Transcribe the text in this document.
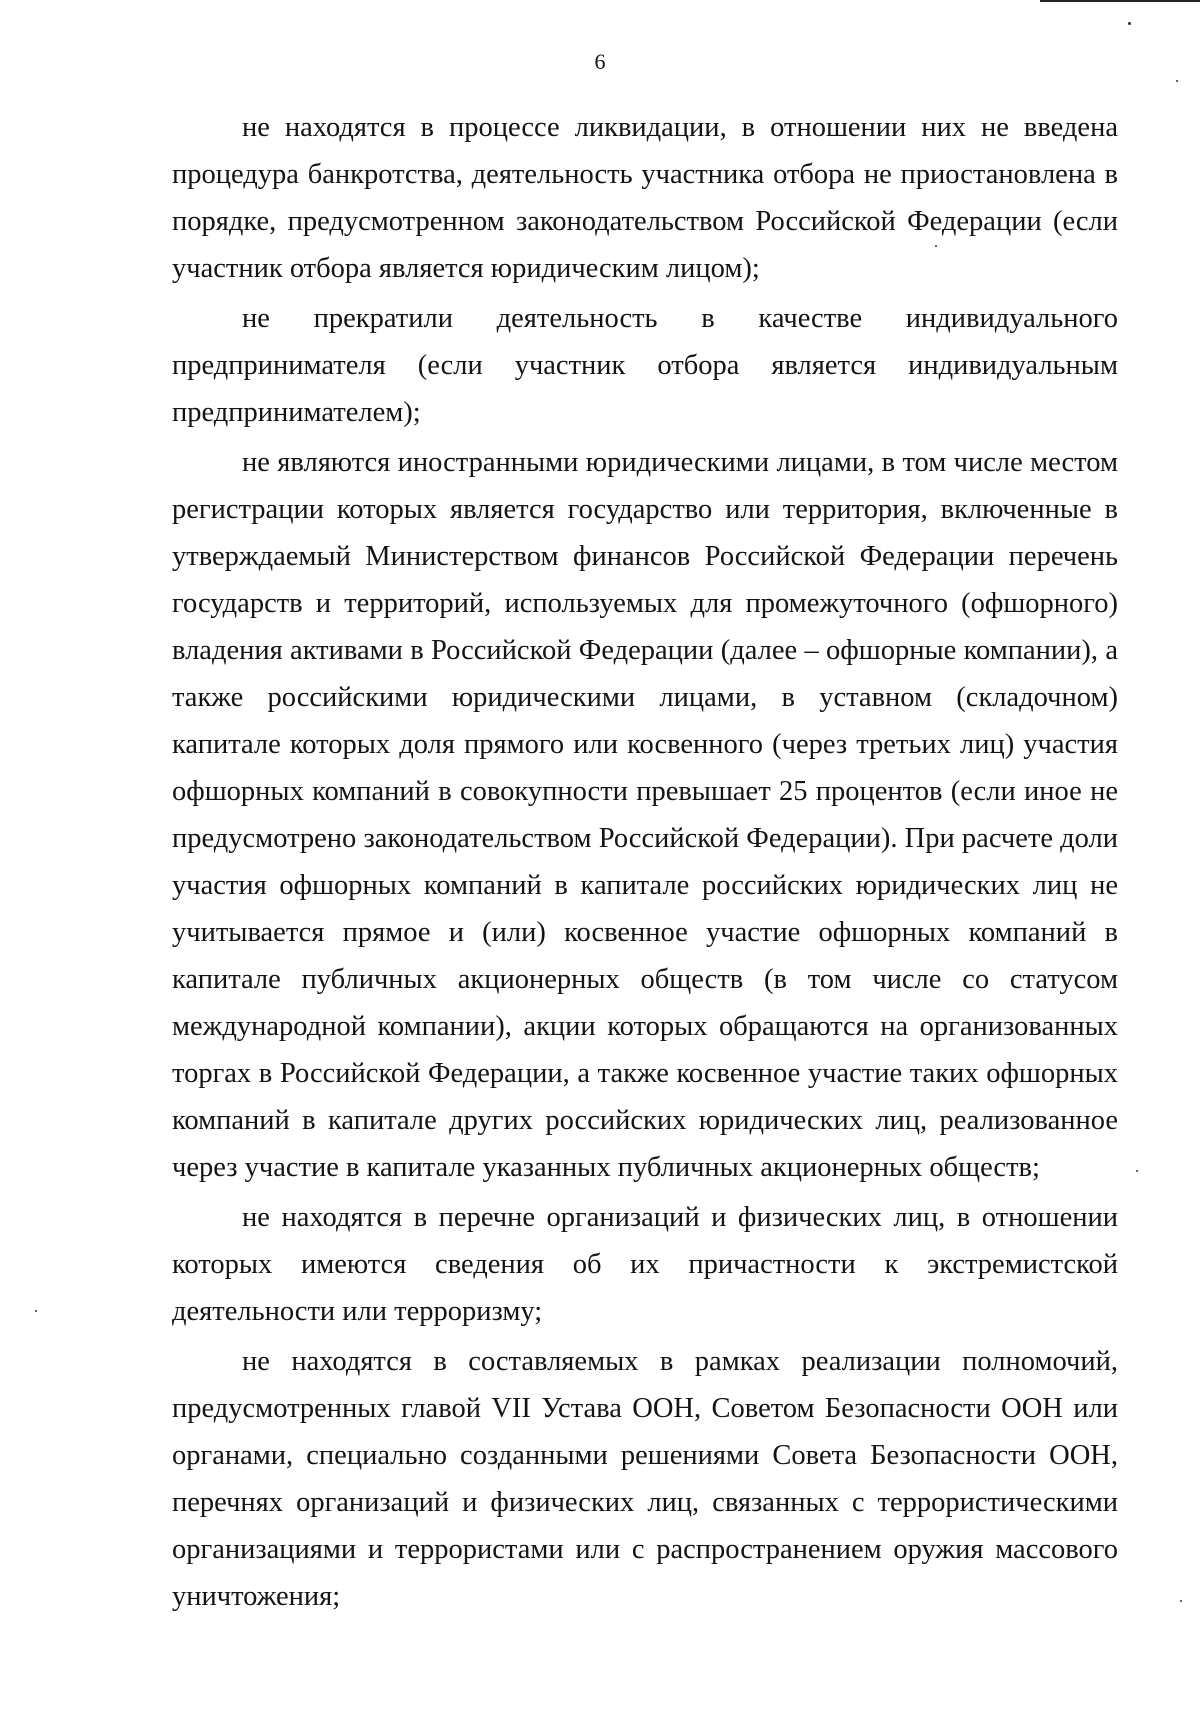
6

не находятся в процессе ликвидации, в отношении них не введена процедура банкротства, деятельность участника отбора не приостановлена в порядке, предусмотренном законодательством Российской Федерации (если участник отбора является юридическим лицом);

не прекратили деятельность в качестве индивидуального предпринимателя (если участник отбора является индивидуальным предпринимателем);

не являются иностранными юридическими лицами, в том числе местом регистрации которых является государство или территория, включенные в утверждаемый Министерством финансов Российской Федерации перечень государств и территорий, используемых для промежуточного (офшорного) владения активами в Российской Федерации (далее – офшорные компании), а также российскими юридическими лицами, в уставном (складочном) капитале которых доля прямого или косвенного (через третьих лиц) участия офшорных компаний в совокупности превышает 25 процентов (если иное не предусмотрено законодательством Российской Федерации). При расчете доли участия офшорных компаний в капитале российских юридических лиц не учитывается прямое и (или) косвенное участие офшорных компаний в капитале публичных акционерных обществ (в том числе со статусом международной компании), акции которых обращаются на организованных торгах в Российской Федерации, а также косвенное участие таких офшорных компаний в капитале других российских юридических лиц, реализованное через участие в капитале указанных публичных акционерных обществ;

не находятся в перечне организаций и физических лиц, в отношении которых имеются сведения об их причастности к экстремистской деятельности или терроризму;

не находятся в составляемых в рамках реализации полномочий, предусмотренных главой VII Устава ООН, Советом Безопасности ООН или органами, специально созданными решениями Совета Безопасности ООН, перечнях организаций и физических лиц, связанных с террористическими организациями и террористами или с распространением оружия массового уничтожения;
